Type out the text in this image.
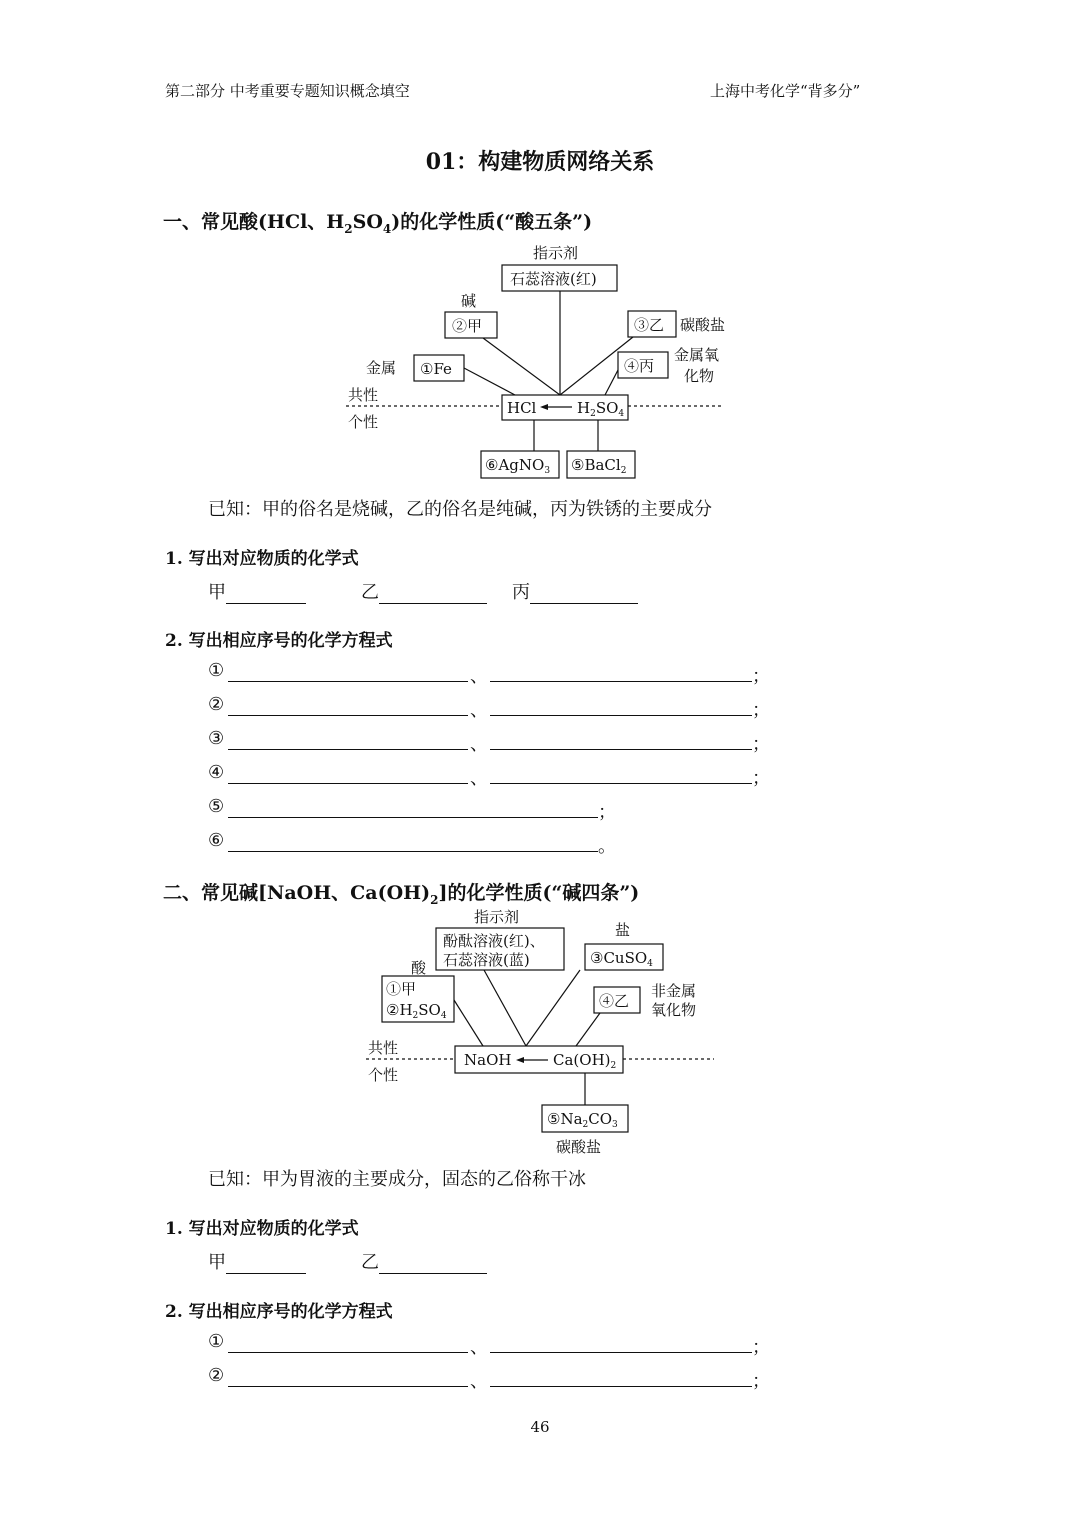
第二部分 中考重要专题知识概念填空	上海中考化学“背多分”
01：构建物质网络关系
一、常见酸(HCl、$H_2SO_4$)的化学性质(“酸五条”)
指示剂
碱
金属
碳酸盐
金属氧
化物
共性
个性
石蕊溶液(红)
②甲
①Fe
③乙
④丙
HCl	$H_2SO_4$
⑥AgNO$_3$ ⑤BaCl$_2$
指示剂
盐
酸
非金属
氧化物
共性
个性
碳酸盐
酚酞溶液(红)、
石蕊溶液(蓝)	③CuSO$_4$
①甲
$②H_2SO_4$
④乙
NaOH	$Ca(OH)_2$
$⑤Na_2CO_3$
已知：甲的俗名是烧碱，乙的俗名是纯碱，丙为铁锈的主要成分
1. 写出对应物质的化学式
甲	乙	丙
2. 写出相应序号的化学方程式
①	、	；
②	、	；
③	、	；
④	、	；
⑤	；
⑥	。
二、常见碱[NaOH、$Ca(OH)_2$]的化学性质(“碱四条”)
已知：甲为胃液的主要成分，固态的乙俗称干冰
1. 写出对应物质的化学式
甲	乙
2. 写出相应序号的化学方程式
①	、	；
②	、	；
46
